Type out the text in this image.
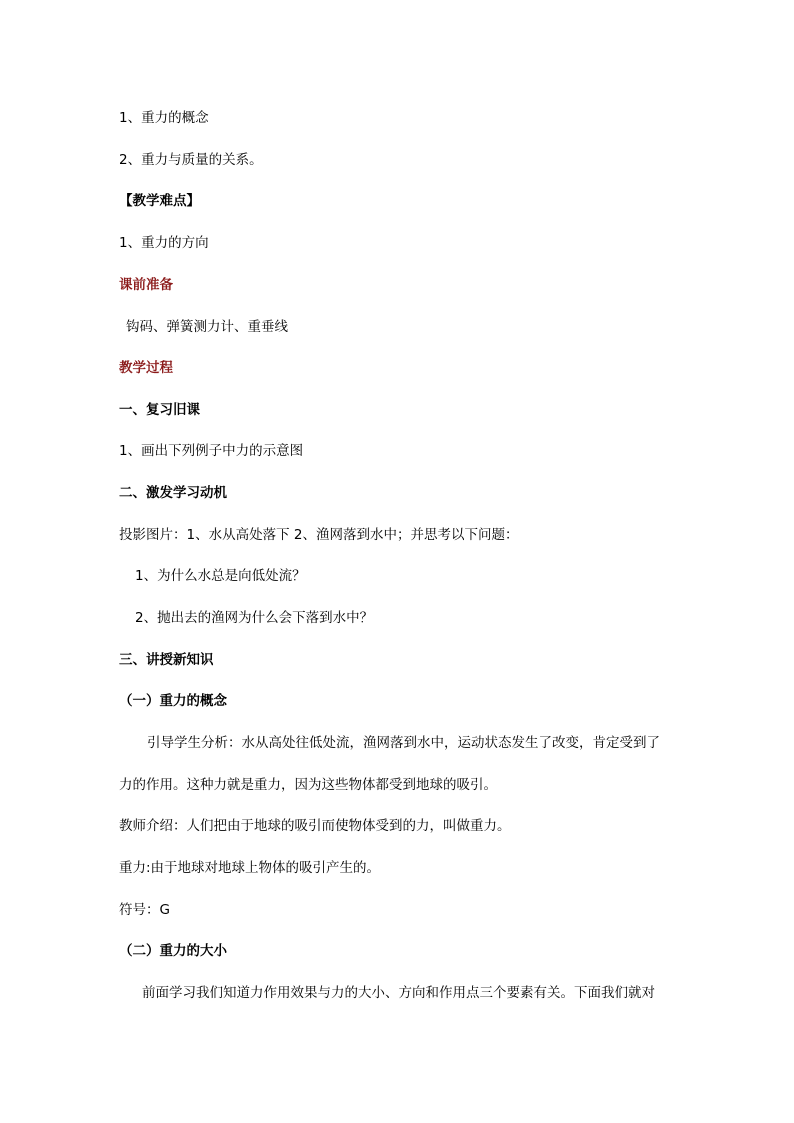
1、重力的概念
2、重力与质量的关系。
【教学难点】
1、重力的方向
课前准备
钩码、弹簧测力计、重垂线
教学过程
一、复习旧课
1、画出下列例子中力的示意图
二、激发学习动机
投影图片：1、水从高处落下 2、渔网落到水中；并思考以下问题：
1、为什么水总是向低处流？
2、抛出去的渔网为什么会下落到水中？
三、讲授新知识
（一）重力的概念
引导学生分析：水从高处往低处流，渔网落到水中，运动状态发生了改变，肯定受到了
力的作用。这种力就是重力，因为这些物体都受到地球的吸引。
教师介绍：人们把由于地球的吸引而使物体受到的力，叫做重力。
重力:由于地球对地球上物体的吸引产生的。
符号：G
（二）重力的大小
前面学习我们知道力作用效果与力的大小、方向和作用点三个要素有关。下面我们就对
